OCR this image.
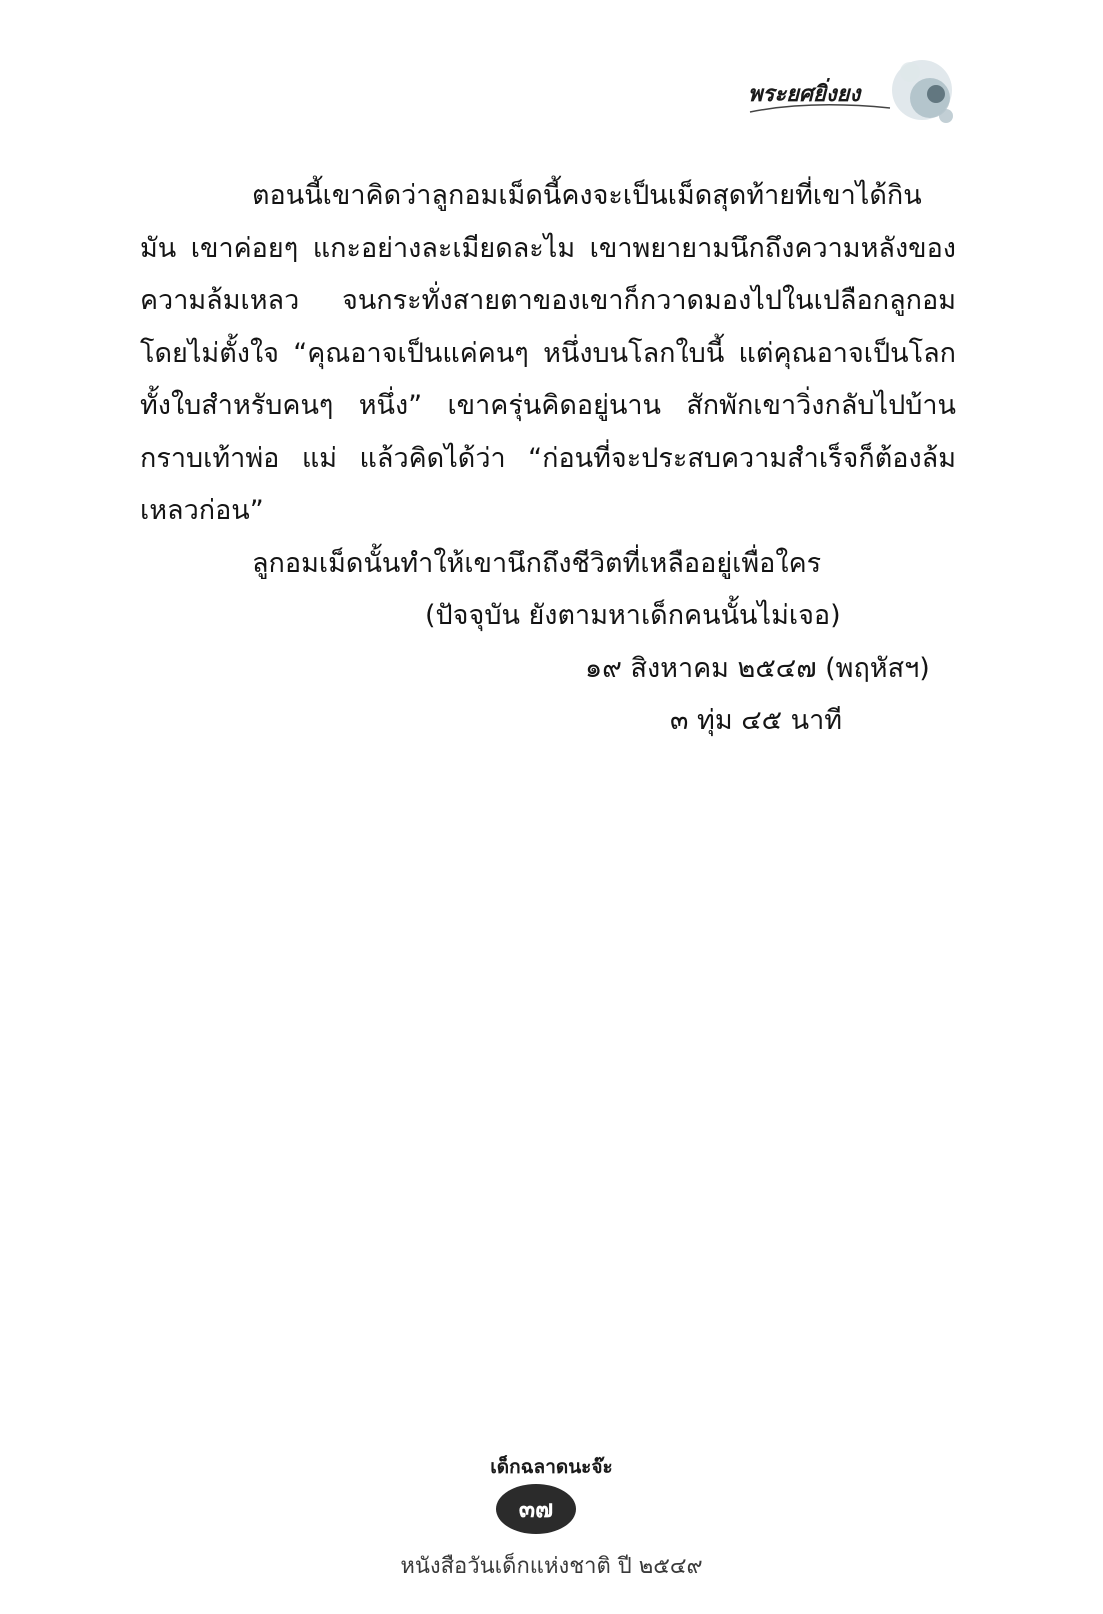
พระยศยิ่งยง

ตอนนี้เขาคิดว่าลูกอมเม็ดนี้คงจะเป็นเม็ดสุดท้ายที่เขาได้กินมัน เขาค่อยๆ แกะอย่างละเมียดละไม เขาพยายามนึกถึงความหลังของความล้มเหลว จนกระทั่งสายตาของเขาก็กวาดมองไปในเปลือกลูกอมโดยไม่ตั้งใจ “คุณอาจเป็นแค่คนๆ หนึ่งบนโลกใบนี้ แต่คุณอาจเป็นโลกทั้งใบสำหรับคนๆ หนึ่ง” เขาครุ่นคิดอยู่นาน สักพักเขาวิ่งกลับไปบ้านกราบเท้าพ่อ แม่ แล้วคิดได้ว่า “ก่อนที่จะประสบความสำเร็จก็ต้องล้มเหลวก่อน”

ลูกอมเม็ดนั้นทำให้เขานึกถึงชีวิตที่เหลืออยู่เพื่อใคร

(ปัจจุบัน ยังตามหาเด็กคนนั้นไม่เจอ)

๑๙ สิงหาคม ๒๕๔๗ (พฤหัสฯ)

๓ ทุ่ม ๔๕ นาที

เด็กฉลาดนะจ๊ะ
๓๗
หนังสือวันเด็กแห่งชาติ ปี ๒๕๔๙
